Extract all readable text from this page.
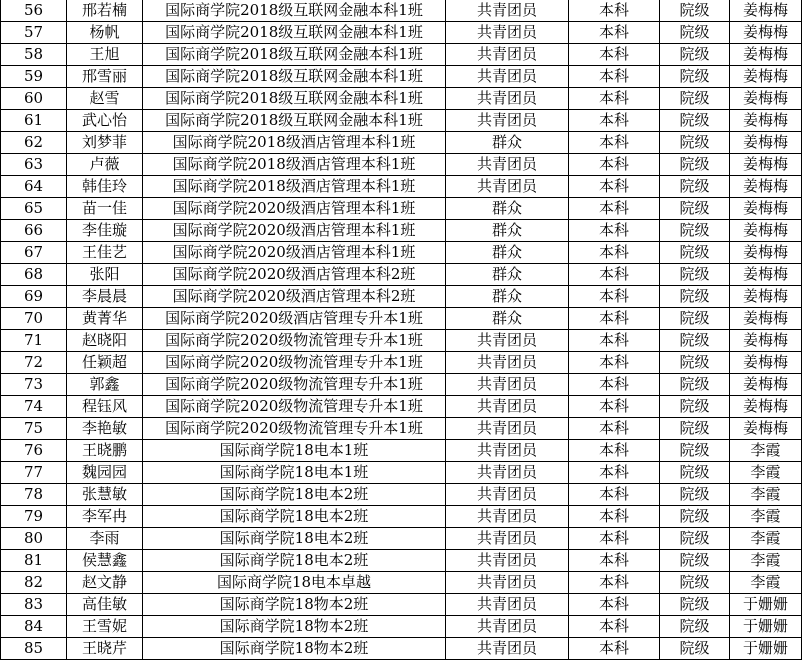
56	邢若楠	国际商学院2018级互联网金融本科1班	共青团员	本科	院级	姜梅梅
57	杨帆	国际商学院2018级互联网金融本科1班	共青团员	本科	院级	姜梅梅
58	王旭	国际商学院2018级互联网金融本科1班	共青团员	本科	院级	姜梅梅
59	邢雪丽	国际商学院2018级互联网金融本科1班	共青团员	本科	院级	姜梅梅
60	赵雪	国际商学院2018级互联网金融本科1班	共青团员	本科	院级	姜梅梅
61	武心怡	国际商学院2018级互联网金融本科1班	共青团员	本科	院级	姜梅梅
62	刘梦菲	国际商学院2018级酒店管理本科1班	群众	本科	院级	姜梅梅
63	卢薇	国际商学院2018级酒店管理本科1班	共青团员	本科	院级	姜梅梅
64	韩佳玲	国际商学院2018级酒店管理本科1班	共青团员	本科	院级	姜梅梅
65	苗一佳	国际商学院2020级酒店管理本科1班	群众	本科	院级	姜梅梅
66	李佳璇	国际商学院2020级酒店管理本科1班	群众	本科	院级	姜梅梅
67	王佳艺	国际商学院2020级酒店管理本科1班	群众	本科	院级	姜梅梅
68	张阳	国际商学院2020级酒店管理本科2班	群众	本科	院级	姜梅梅
69	李晨晨	国际商学院2020级酒店管理本科2班	群众	本科	院级	姜梅梅
70	黄菁华	国际商学院2020级酒店管理专升本1班	群众	本科	院级	姜梅梅
71	赵晓阳	国际商学院2020级物流管理专升本1班	共青团员	本科	院级	姜梅梅
72	任颖超	国际商学院2020级物流管理专升本1班	共青团员	本科	院级	姜梅梅
73	郭鑫	国际商学院2020级物流管理专升本1班	共青团员	本科	院级	姜梅梅
74	程钰风	国际商学院2020级物流管理专升本1班	共青团员	本科	院级	姜梅梅
75	李艳敏	国际商学院2020级物流管理专升本1班	共青团员	本科	院级	姜梅梅
76	王晓鹏	国际商学院18电本1班	共青团员	本科	院级	李霞
77	魏园园	国际商学院18电本1班	共青团员	本科	院级	李霞
78	张慧敏	国际商学院18电本2班	共青团员	本科	院级	李霞
79	李军冉	国际商学院18电本2班	共青团员	本科	院级	李霞
80	李雨	国际商学院18电本2班	共青团员	本科	院级	李霞
81	侯慧鑫	国际商学院18电本2班	共青团员	本科	院级	李霞
82	赵文静	国际商学院18电本卓越	共青团员	本科	院级	李霞
83	高佳敏	国际商学院18物本2班	共青团员	本科	院级	于姗姗
84	王雪妮	国际商学院18物本2班	共青团员	本科	院级	于姗姗
85	王晓芹	国际商学院18物本2班	共青团员	本科	院级	于姗姗
